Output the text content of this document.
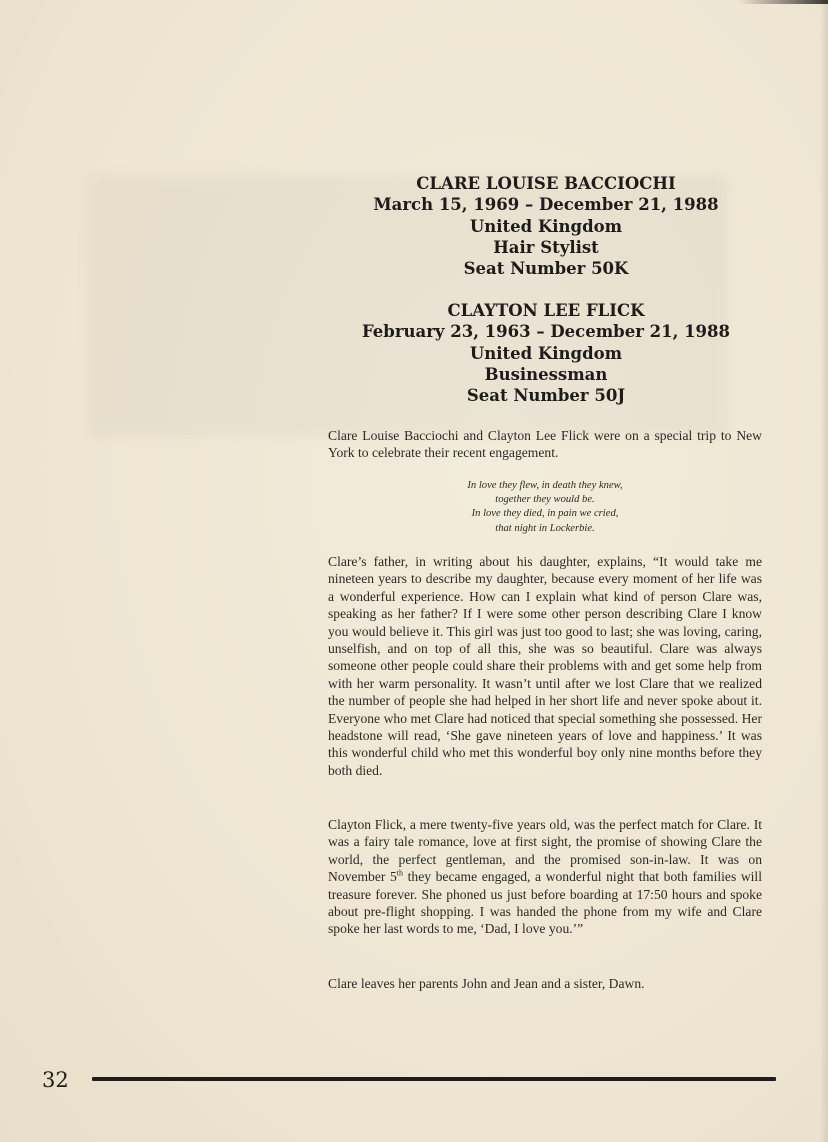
CLARE LOUISE BACCIOCHI
March 15, 1969 – December 21, 1988
United Kingdom
Hair Stylist
Seat Number 50K
CLAYTON LEE FLICK
February 23, 1963 – December 21, 1988
United Kingdom
Businessman
Seat Number 50J

Clare Louise Bacciochi and Clayton Lee Flick were on a special trip to New York to celebrate their recent engagement.

In love they flew, in death they knew,
together they would be.
In love they died, in pain we cried,
that night in Lockerbie.

Clare’s father, in writing about his daughter, explains, “It would take me nineteen years to describe my daughter, because every moment of her life was a wonderful experience. How can I explain what kind of person Clare was, speaking as her father? If I were some other person describing Clare I know you would believe it. This girl was just too good to last; she was loving, caring, unselfish, and on top of all this, she was so beautiful. Clare was always someone other people could share their problems with and get some help from with her warm personality. It wasn’t until after we lost Clare that we realized the number of people she had helped in her short life and never spoke about it. Everyone who met Clare had noticed that special something she possessed. Her headstone will read, ‘She gave nineteen years of love and happiness.’ It was this wonderful child who met this wonderful boy only nine months before they both died.

Clayton Flick, a mere twenty-five years old, was the perfect match for Clare. It was a fairy tale romance, love at first sight, the promise of showing Clare the world, the perfect gentleman, and the promised son-in-law. It was on November 5th they became engaged, a wonderful night that both families will treasure forever. She phoned us just before boarding at 17:50 hours and spoke about pre-flight shopping. I was handed the phone from my wife and Clare spoke her last words to me, ‘Dad, I love you.’”

Clare leaves her parents John and Jean and a sister, Dawn.

32
